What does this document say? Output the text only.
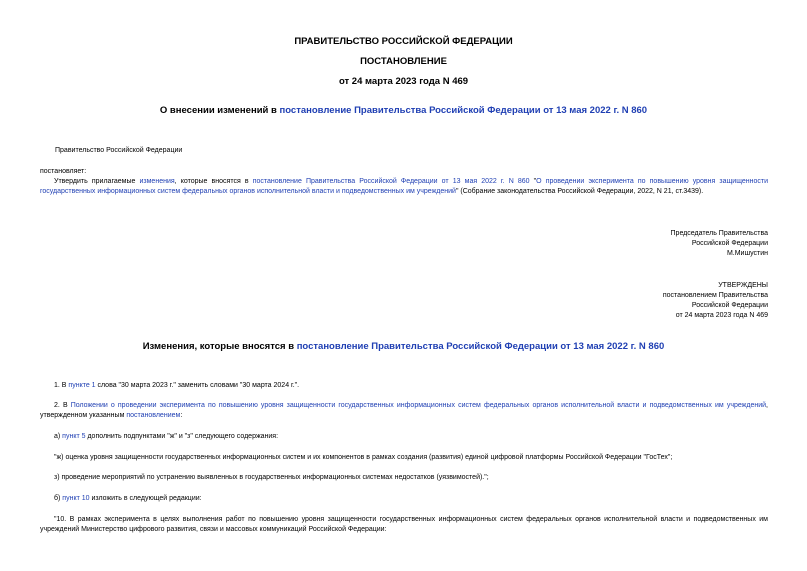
ПРАВИТЕЛЬСТВО РОССИЙСКОЙ ФЕДЕРАЦИИ
ПОСТАНОВЛЕНИЕ
от 24 марта 2023 года N 469
О внесении изменений в постановление Правительства Российской Федерации от 13 мая 2022 г. N 860
Правительство Российской Федерации
постановляет:

Утвердить прилагаемые изменения, которые вносятся в постановление Правительства Российской Федерации от 13 мая 2022 г. N 860 "О проведении эксперимента по повышению уровня защищенности государственных информационных систем федеральных органов исполнительной власти и подведомственных им учреждений" (Собрание законодательства Российской Федерации, 2022, N 21, ст.3439).

Председатель Правительства
Российской Федерации
М.Мишустин
УТВЕРЖДЕНЫ
постановлением Правительства
Российской Федерации
от 24 марта 2023 года N 469
Изменения, которые вносятся в постановление Правительства Российской Федерации от 13 мая 2022 г. N 860
1. В пункте 1 слова "30 марта 2023 г." заменить словами "30 марта 2024 г.".

2. В Положении о проведении эксперимента по повышению уровня защищенности государственных информационных систем федеральных органов исполнительной власти и подведомственных им учреждений, утвержденном указанным постановлением:

а) пункт 5 дополнить подпунктами "ж" и "з" следующего содержания:
"ж) оценка уровня защищенности государственных информационных систем и их компонентов в рамках создания (развития) единой цифровой платформы Российской Федерации "ГосТех";
з) проведение мероприятий по устранению выявленных в государственных информационных системах недостатков (уязвимостей).";
б) пункт 10 изложить в следующей редакции:

"10. В рамках эксперимента в целях выполнения работ по повышению уровня защищенности государственных информационных систем федеральных органов исполнительной власти и подведомственных им учреждений Министерство цифрового развития, связи и массовых коммуникаций Российской Федерации:
